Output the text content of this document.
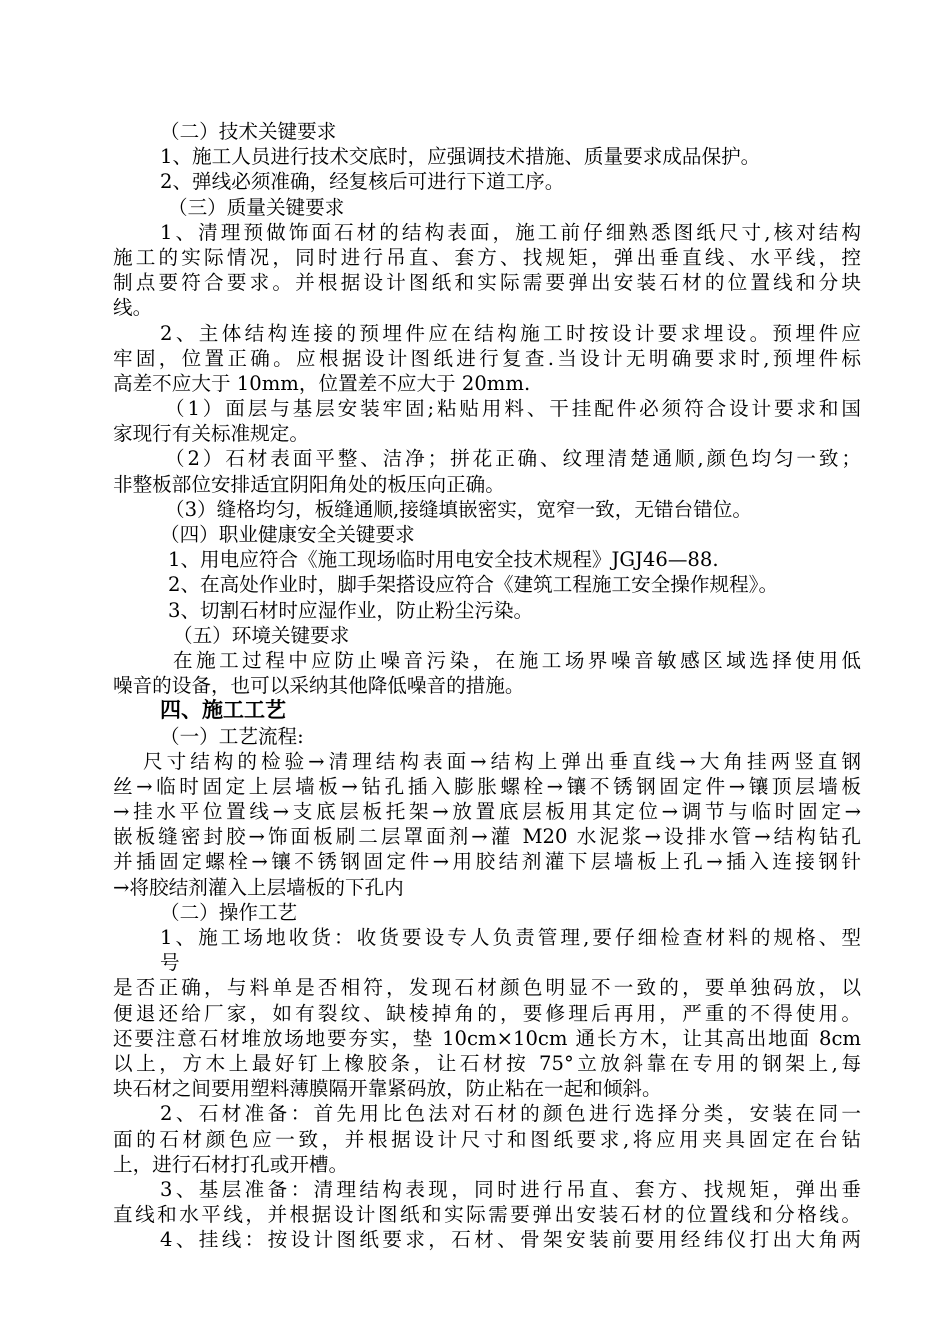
（二）技术关键要求
1、施工人员进行技术交底时，应强调技术措施、质量要求成品保护。
2、弹线必须准确，经复核后可进行下道工序。
（三）质量关键要求
1、清理预做饰面石材的结构表面，施工前仔细熟悉图纸尺寸,核对结构
施工的实际情况，同时进行吊直、套方、找规矩，弹出垂直线、水平线，控
制点要符合要求。并根据设计图纸和实际需要弹出安装石材的位置线和分块
线。
2、主体结构连接的预埋件应在结构施工时按设计要求埋设。预埋件应
牢固，位置正确。应根据设计图纸进行复查.当设计无明确要求时,预埋件标
高差不应大于 10mm，位置差不应大于 20mm.
（1）面层与基层安装牢固;粘贴用料、干挂配件必须符合设计要求和国
家现行有关标准规定。
（2）石材表面平整、洁净；拼花正确、纹理清楚通顺,颜色均匀一致；
非整板部位安排适宜阴阳角处的板压向正确。
（3）缝格均匀，板缝通顺,接缝填嵌密实，宽窄一致，无错台错位。
（四）职业健康安全关键要求
1、用电应符合《施工现场临时用电安全技术规程》JGJ46—88.
2、在高处作业时，脚手架搭设应符合《建筑工程施工安全操作规程》。
3、切割石材时应湿作业，防止粉尘污染。
（五）环境关键要求
在施工过程中应防止噪音污染，在施工场界噪音敏感区域选择使用低
噪音的设备，也可以采纳其他降低噪音的措施。
四、施工工艺
（一）工艺流程:
尺寸结构的检验→清理结构表面→结构上弹出垂直线→大角挂两竖直钢
丝→临时固定上层墙板→钻孔插入膨胀螺栓→镶不锈钢固定件→镶顶层墙板
→挂水平位置线→支底层板托架→放置底层板用其定位→调节与临时固定→
嵌板缝密封胶→饰面板刷二层罩面剂→灌 M20 水泥浆→设排水管→结构钻孔
并插固定螺栓→镶不锈钢固定件→用胶结剂灌下层墙板上孔→插入连接钢针
→将胶结剂灌入上层墙板的下孔内
（二）操作工艺
1、施工场地收货：收货要设专人负责管理,要仔细检查材料的规格、型
号
是否正确，与料单是否相符，发现石材颜色明显不一致的，要单独码放，以
便退还给厂家，如有裂纹、缺棱掉角的，要修理后再用，严重的不得使用。
还要注意石材堆放场地要夯实，垫 10cm×10cm 通长方木，让其高出地面 8cm
以上，方木上最好钉上橡胶条，让石材按 75°立放斜靠在专用的钢架上,每
块石材之间要用塑料薄膜隔开靠紧码放，防止粘在一起和倾斜。
2、石材准备：首先用比色法对石材的颜色进行选择分类，安装在同一
面的石材颜色应一致，并根据设计尺寸和图纸要求,将应用夹具固定在台钻
上，进行石材打孔或开槽。
3、基层准备：清理结构表现，同时进行吊直、套方、找规矩，弹出垂
直线和水平线，并根据设计图纸和实际需要弹出安装石材的位置线和分格线。
4、挂线：按设计图纸要求，石材、骨架安装前要用经纬仪打出大角两
